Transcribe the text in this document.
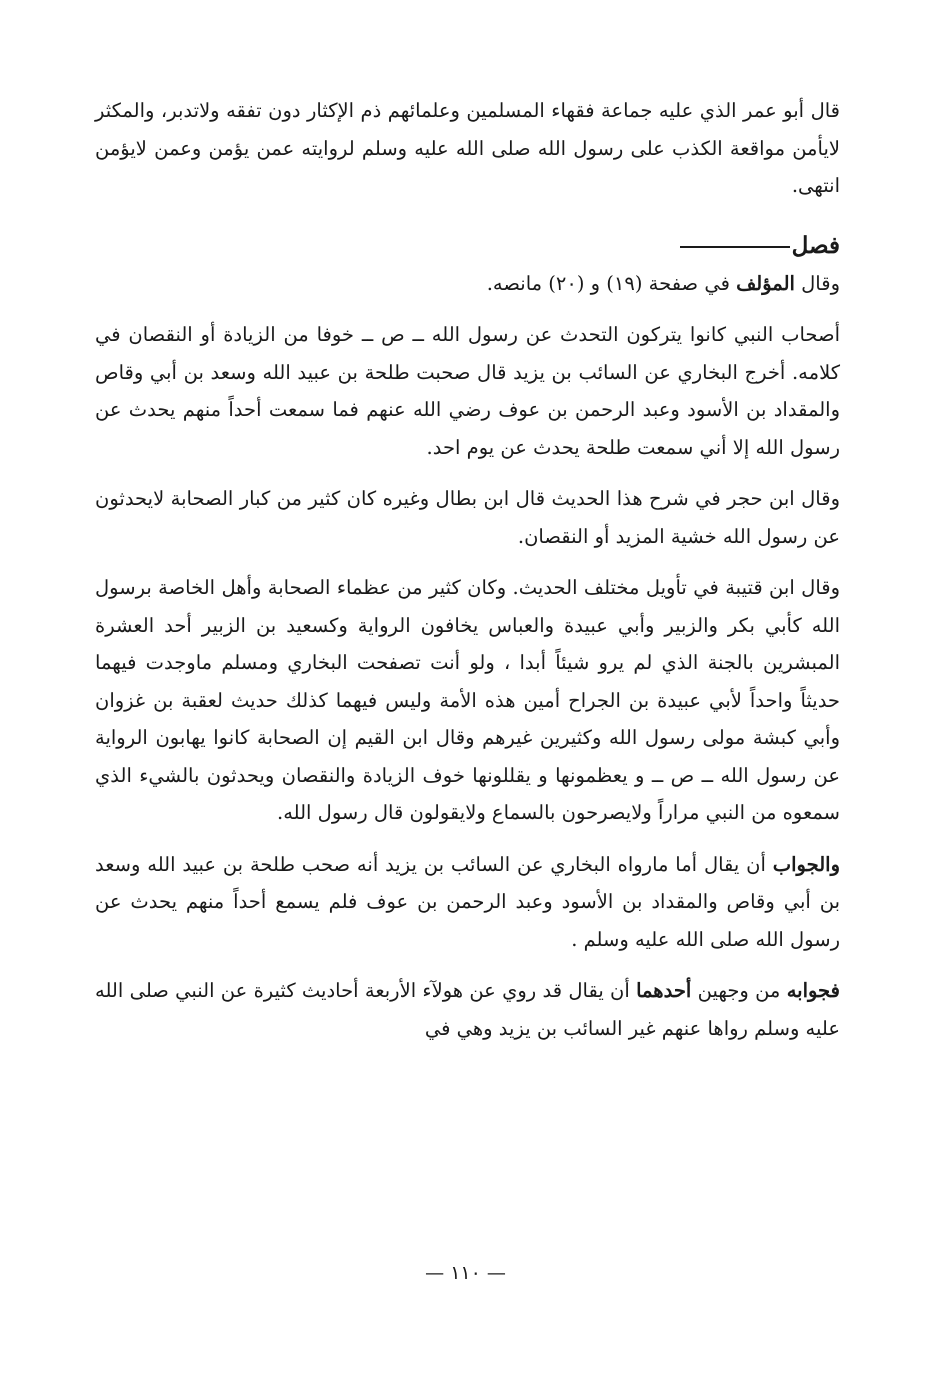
قال أبو عمر الذي عليه جماعة فقهاء المسلمين وعلمائهم ذم الإكثار دون تفقه ولاتدبر، والمكثر لايأمن مواقعة الكذب على رسول الله صلى الله عليه وسلم لروايته عمن يؤمن وعمن لايؤمن انتهى.

فصل

وقال المؤلف في صفحة (١٩) و (٢٠) مانصه.

أصحاب النبي كانوا يتركون التحدث عن رسول الله ــ ص ــ خوفا من الزيادة أو النقصان في كلامه. أخرج البخاري عن السائب بن يزيد قال صحبت طلحة بن عبيد الله وسعد بن أبي وقاص والمقداد بن الأسود وعبد الرحمن بن عوف رضي الله عنهم فما سمعت أحداً منهم يحدث عن رسول الله إلا أني سمعت طلحة يحدث عن يوم احد.

وقال ابن حجر في شرح هذا الحديث قال ابن بطال وغيره كان كثير من كبار الصحابة لايحدثون عن رسول الله خشية المزيد أو النقصان.

وقال ابن قتيبة في تأويل مختلف الحديث. وكان كثير من عظماء الصحابة وأهل الخاصة برسول الله كأبي بكر والزبير وأبي عبيدة والعباس يخافون الرواية وكسعيد بن الزبير أحد العشرة المبشرين بالجنة الذي لم يرو شيئاً أبدا ، ولو أنت تصفحت البخاري ومسلم ماوجدت فيهما حديثاً واحداً لأبي عبيدة بن الجراح أمين هذه الأمة وليس فيهما كذلك حديث لعقبة بن غزوان وأبي كبشة مولى رسول الله وكثيرين غيرهم وقال ابن القيم إن الصحابة كانوا يهابون الرواية عن رسول الله ــ ص ــ و يعظمونها و يقللونها خوف الزيادة والنقصان ويحدثون بالشيء الذي سمعوه من النبي مراراً ولايصرحون بالسماع ولايقولون قال رسول الله.

والجواب أن يقال أما مارواه البخاري عن السائب بن يزيد أنه صحب طلحة بن عبيد الله وسعد بن أبي وقاص والمقداد بن الأسود وعبد الرحمن بن عوف فلم يسمع أحداً منهم يحدث عن رسول الله صلى الله عليه وسلم .

فجوابه من وجهين أحدهما أن يقال قد روي عن هولآء الأربعة أحاديث كثيرة عن النبي صلى الله عليه وسلم رواها عنهم غير السائب بن يزيد وهي في

— ١١٠ —
